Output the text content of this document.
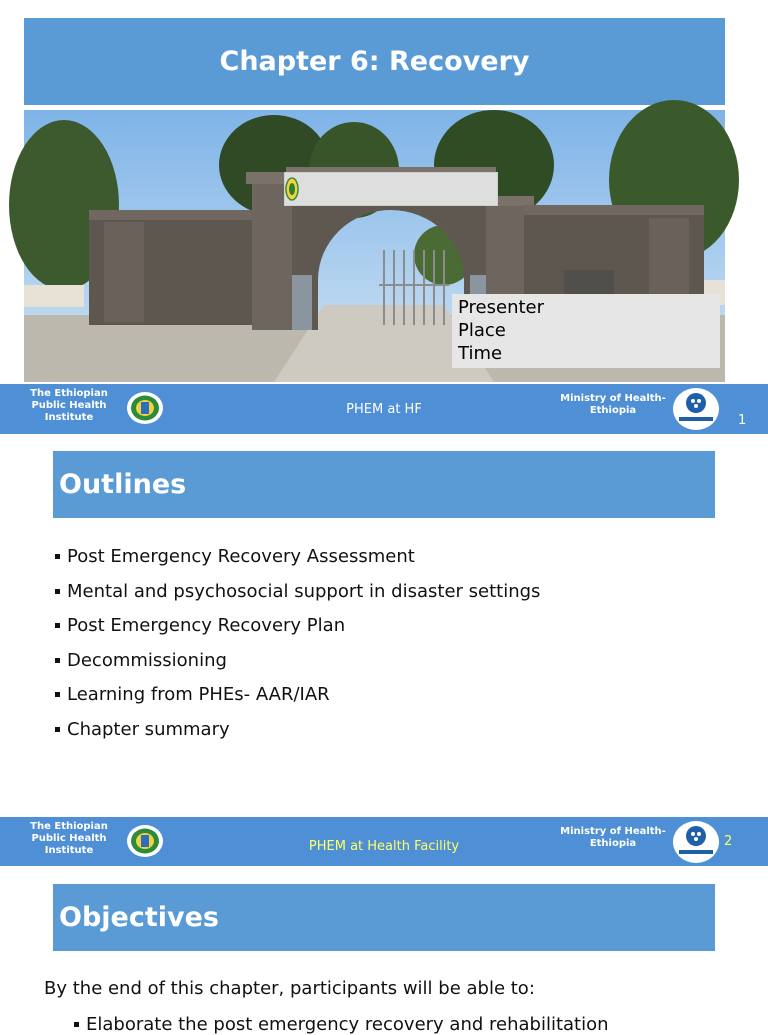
Chapter 6: Recovery
Presenter
Place
Time
The Ethiopian Public Health Institute
PHEM at HF
Ministry of Health-Ethiopia
1
Outlines
Post Emergency Recovery Assessment
Mental and psychosocial support in disaster settings
Post Emergency Recovery Plan
Decommissioning
Learning from PHEs- AAR/IAR
Chapter summary
The Ethiopian Public Health Institute	PHEM at Health Facility
Ministry of Health-Ethiopia	2
Objectives
By the end of this chapter, participants will be able to:
Elaborate the post emergency recovery and rehabilitation
